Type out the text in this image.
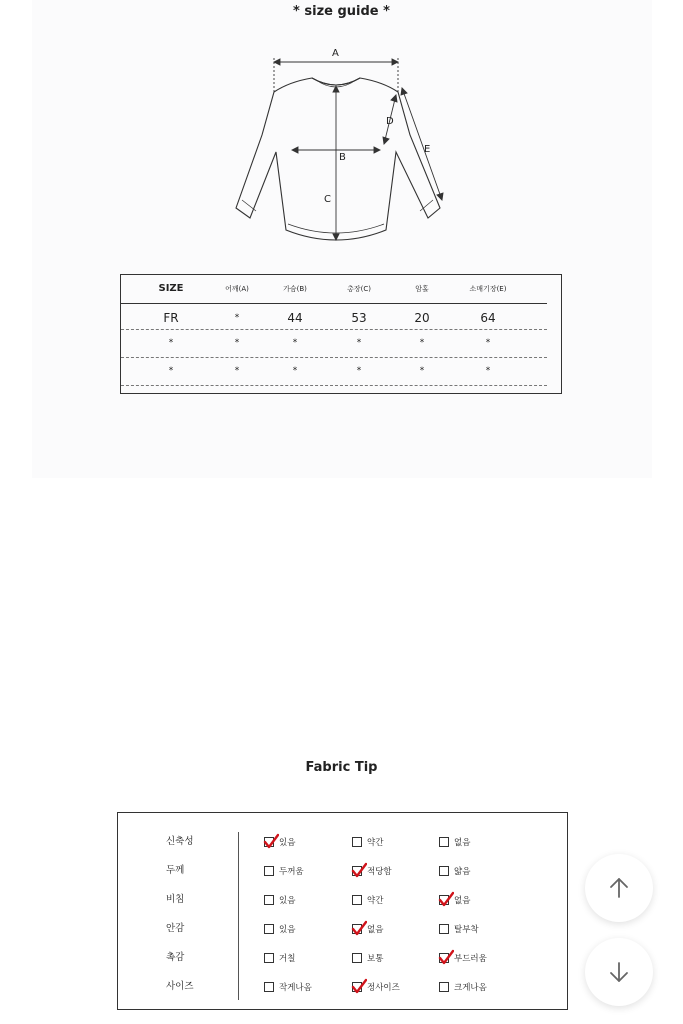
* size guide *
A
B
C
D
E
SIZE	어깨(A)	가슴(B)	총장(C)	암홀	소매기장(E)
FR	*	44	53	20	64
*	*	*	*	*	*
*	*	*	*	*	*
Fabric Tip
신축성	있음	약간	없음
두께	두꺼움	적당함	얇음
비침	있음	약간	없음
안감	있음	없음	탈부착
촉감	거칠	보통	부드러움
사이즈	작게나옴	정사이즈	크게나옴
